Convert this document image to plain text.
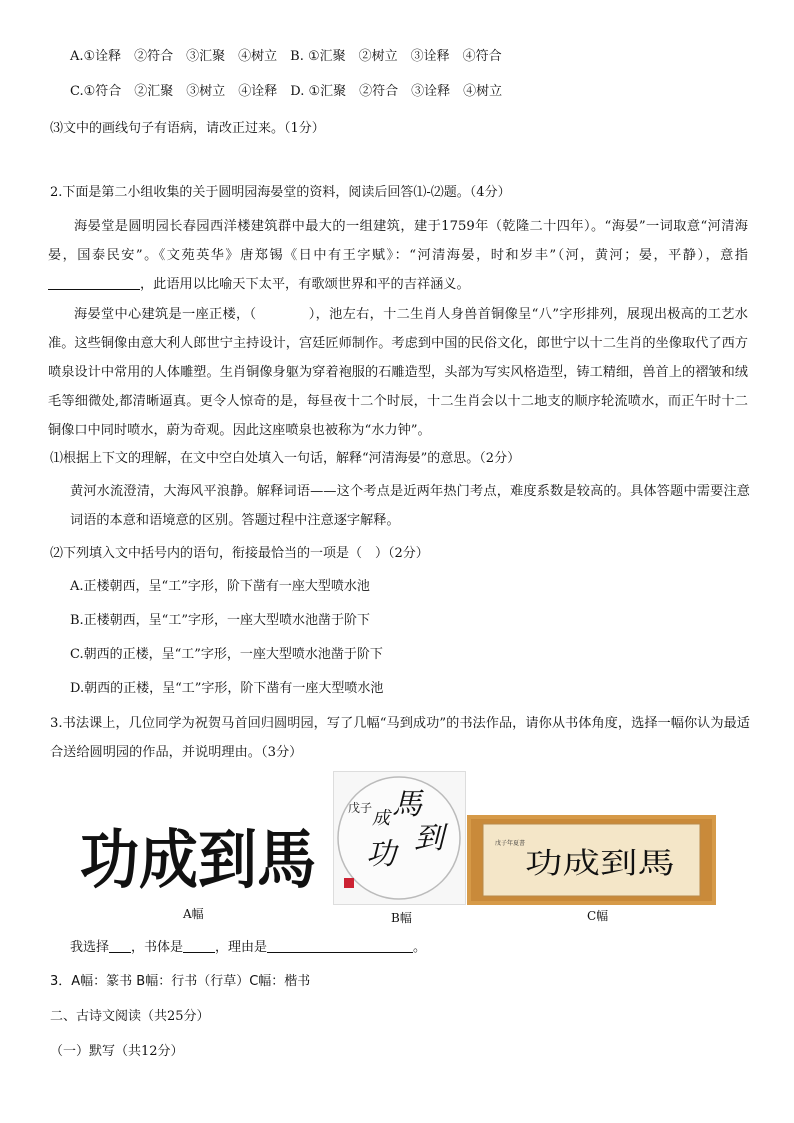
A.①诠释　②符合　③汇聚　④树立　B. ①汇聚　②树立　③诠释　④符合
C.①符合　②汇聚　③树立　④诠释　D. ①汇聚　②符合　③诠释　④树立
⑶文中的画线句子有语病，请改正过来。（1分）
2.下面是第二小组收集的关于圆明园海晏堂的资料，阅读后回答⑴-⑵题。（4分）
海晏堂是圆明园长春园西洋楼建筑群中最大的一组建筑，建于1759年（乾隆二十四年）。“海晏”一词取意“河清海晏，国泰民安”。《文苑英华》唐郑锡《日中有王字赋》：“河清海晏，时和岁丰”（河，黄河；晏，平静），意指，此语用以比喻天下太平，有歌颂世界和平的吉祥涵义。
海晏堂中心建筑是一座正楼，（	），池左右，十二生肖人身兽首铜像呈“八”字形排列，展现出极高的工艺水准。这些铜像由意大利人郎世宁主持设计，宫廷匠师制作。考虑到中国的民俗文化，郎世宁以十二生肖的坐像取代了西方喷泉设计中常用的人体雕塑。生肖铜像身躯为穿着袍服的石雕造型，头部为写实风格造型，铸工精细，兽首上的褶皱和绒毛等细微处,都清晰逼真。更令人惊奇的是，每昼夜十二个时辰，十二生肖会以十二地支的顺序轮流喷水，而正午时十二铜像口中同时喷水，蔚为奇观。因此这座喷泉也被称为“水力钟”。
⑴根据上下文的理解，在文中空白处填入一句话，解释“河清海晏”的意思。（2分）
黄河水流澄清，大海风平浪静。解释词语——这个考点是近两年热门考点，难度系数是较高的。具体答题中需要注意词语的本意和语境意的区别。答题过程中注意逐字解释。
⑵下列填入文中括号内的语句，衔接最恰当的一项是（　）（2分）
A.正楼朝西，呈“工”字形，阶下凿有一座大型喷水池
B.正楼朝西，呈“工”字形，一座大型喷水池凿于阶下
C.朝西的正楼，呈“工”字形，一座大型喷水池凿于阶下
D.朝西的正楼，呈“工”字形，阶下凿有一座大型喷水池
3.书法课上，几位同学为祝贺马首回归圆明园，写了几幅“马到成功”的书法作品，请你从书体角度，选择一幅你认为最适合送给圆明园的作品，并说明理由。（3分）
功成到馬
A幅
馬
到
功
成
戊子
B幅
功成到馬
戊子年夏書
C幅
我选择 ，书体是 ，理由是	。
3．A幅：篆书 B幅：行书（行草）C幅：楷书
二、古诗文阅读（共25分）
（一）默写（共12分）
